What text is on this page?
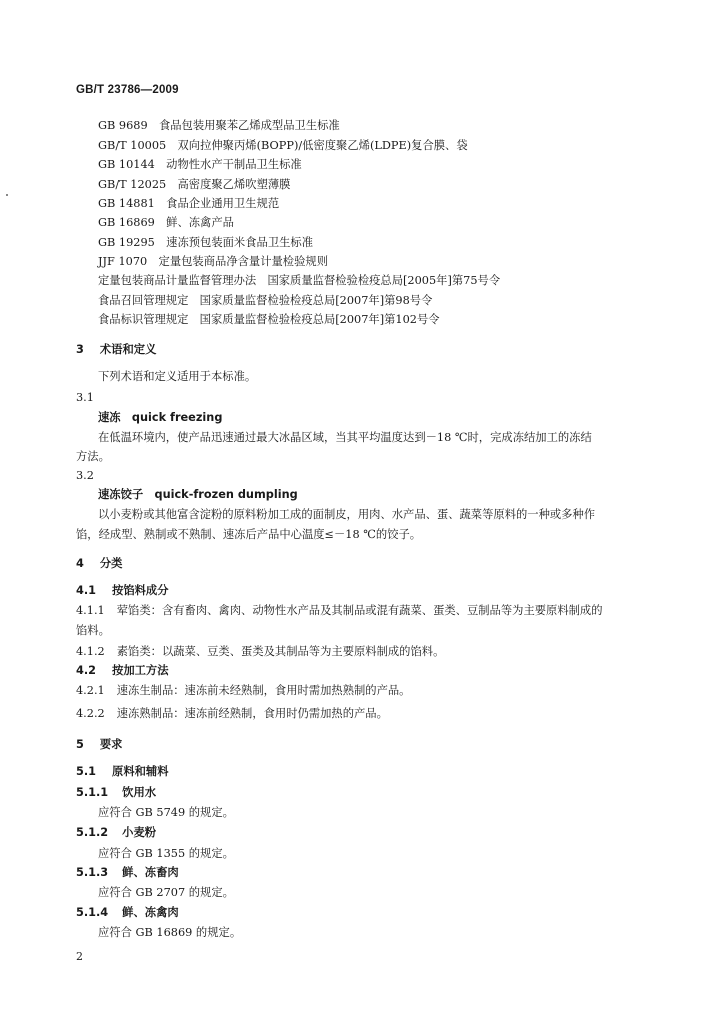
GB/T 23786—2009
GB 9689　食品包装用聚苯乙烯成型品卫生标准
GB/T 10005　双向拉伸聚丙烯(BOPP)/低密度聚乙烯(LDPE)复合膜、袋
GB 10144　动物性水产干制品卫生标准
GB/T 12025　高密度聚乙烯吹塑薄膜
GB 14881　食品企业通用卫生规范
GB 16869　鲜、冻禽产品
GB 19295　速冻预包装面米食品卫生标准
JJF 1070　定量包装商品净含量计量检验规则
定量包装商品计量监督管理办法　国家质量监督检验检疫总局[2005年]第75号令
食品召回管理规定　国家质量监督检验检疫总局[2007年]第98号令
食品标识管理规定　国家质量监督检验检疫总局[2007年]第102号令
3 术语和定义
下列术语和定义适用于本标准。
3.1
速冻　quick freezing
在低温环境内，使产品迅速通过最大冰晶区域，当其平均温度达到－18 ℃时，完成冻结加工的冻结
方法。
3.2
速冻饺子　quick-frozen dumpling
以小麦粉或其他富含淀粉的原料粉加工成的面制皮，用肉、水产品、蛋、蔬菜等原料的一种或多种作
馅，经成型、熟制或不熟制、速冻后产品中心温度≤－18 ℃的饺子。
4 分类
4.1 按馅料成分
4.1.1 荤馅类：含有畜肉、禽肉、动物性水产品及其制品或混有蔬菜、蛋类、豆制品等为主要原料制成的
馅料。
4.1.2 素馅类：以蔬菜、豆类、蛋类及其制品等为主要原料制成的馅料。
4.2 按加工方法
4.2.1 速冻生制品：速冻前未经熟制，食用时需加热熟制的产品。
4.2.2 速冻熟制品：速冻前经熟制，食用时仍需加热的产品。
5 要求
5.1 原料和辅料
5.1.1 饮用水
应符合 GB 5749 的规定。
5.1.2 小麦粉
应符合 GB 1355 的规定。
5.1.3 鲜、冻畜肉
应符合 GB 2707 的规定。
5.1.4 鲜、冻禽肉
应符合 GB 16869 的规定。
2
